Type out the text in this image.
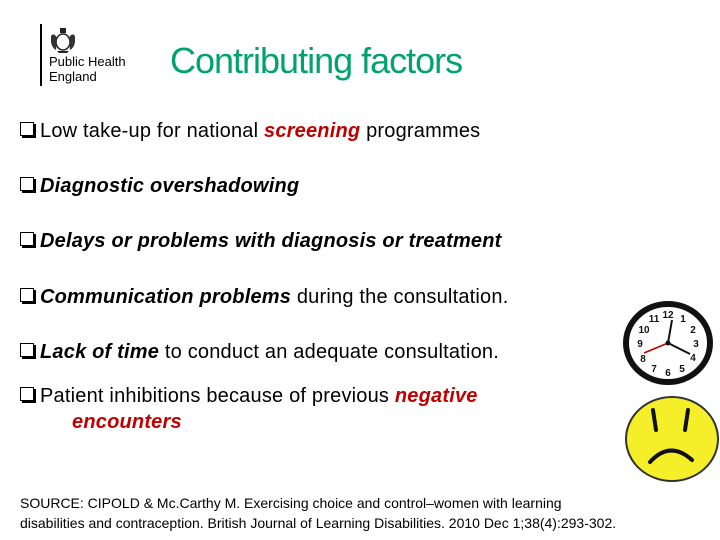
Public Health
England	Contributing factors
Low take-up for national screening programmes
Diagnostic overshadowing
Delays or problems with diagnosis or treatment
Communication problems during the consultation.
Lack of time to conduct an adequate consultation.
Patient inhibitions because of previous negative
encounters
12 1
2
3
4
5
6
7
8
9
10
11
SOURCE: CIPOLD & Mc.Carthy M. Exercising choice and control–women with learning
disabilities and contraception. British Journal of Learning Disabilities. 2010 Dec 1;38(4):293-302.
